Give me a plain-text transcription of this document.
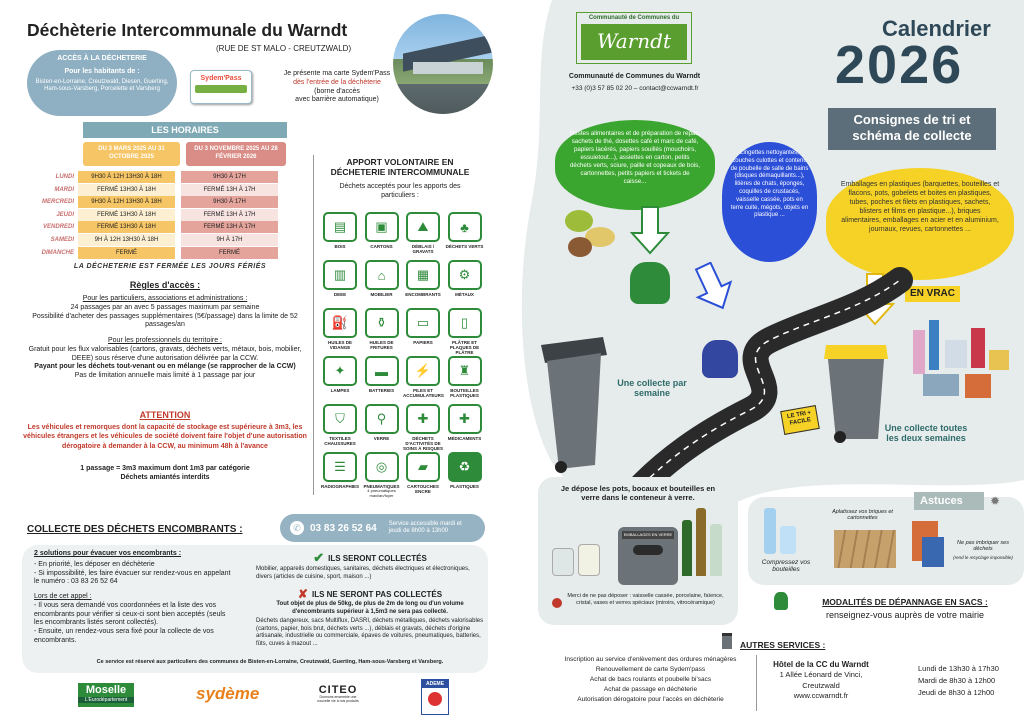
Déchèterie Intercommunale du Warndt
(RUE DE ST MALO - CREUTZWALD)
ACCÈS À LA DÉCHETERIE
Pour les habitants de :
Bisten-en-Lorraine, Creutzwald, Diesen, Guerting, Ham-sous-Varsberg, Porcelette et Varsberg
Sydem'Pass
Je présente ma carte Sydem'Pass
dès l'entrée de la déchèterie
(borne d'accès
avec barrière automatique)
LES HORAIRES
DU 3 MARS 2025 AU 31 OCTOBRE 2025
DU 3 NOVEMBRE 2025 AU 28 FÉVRIER 2026
LUNDI	9H30 À 12H 13H30 À 18H	9H30 À 17H
MARDI	FERMÉ 13H30 À 18H	FERMÉ 13H À 17H
MERCREDI	9H30 À 12H 13H30 À 18H	9H30 À 17H
JEUDI	FERMÉ 13H30 À 18H	FERMÉ 13H À 17H
VENDREDI	FERMÉ 13H30 À 18H	FERMÉ 13H À 17H
SAMEDI	9H À 12H 13H30 À 18H	9H À 17H
DIMANCHE	FERMÉ	FERMÉ
LA DÉCHETERIE EST FERMÉE LES JOURS FÉRIÉS
Règles d'accès :
Pour les particuliers, associations et administrations :
24 passages par an avec 5 passages maximum par semaine
Possibilité d'acheter des passages supplémentaires (5€/passage) dans la limite de 52 passages/an
Pour les professionnels du territoire :
Gratuit pour les flux valorisables (cartons, gravats, déchets verts, métaux, bois, mobilier, DEEE) sous réserve d'une autorisation délivrée par la CCW.
Payant pour les déchets tout-venant ou en mélange (se rapprocher de la CCW)
Pas de limitation annuelle mais limité à 1 passage par jour
ATTENTION
Les véhicules et remorques dont la capacité de stockage est supérieure à 3m3, les véhicules étrangers et les véhicules de société doivent faire l'objet d'une autorisation dérogatoire à demander à la CCW, au minimum 48h à l'avance
1 passage = 3m3 maximum dont 1m3 par catégorie
Déchets amiantés interdits
APPORT VOLONTAIRE EN DÉCHETERIE INTERCOMMUNALE
Déchets acceptés pour les apports des particuliers :
▤
BOIS
▣
CARTONS
⛰
DÉBLAIS / GRAVATS
♣
DÉCHETS VERTS
▥
DEEE
⌂
MOBILIER
▦
ENCOMBRANTS
⚙
MÉTAUX
⛽
HUILES DE VIDANGE
⚱
HUILES DE FRITURES
▭
PAPIERS
▯
PLÂTRE ET PLAQUES DE PLÂTRE
✦
LAMPES
▬
BATTERIES
⚡
PILES ET ACCUMULATEURS
♜
BOUTEILLES PLASTIQUES
⛉
TEXTILES CHAUSSURES
⚲
VERRE
✚
DÉCHETS D'ACTIVITÉS DE SOINS À RISQUES
✚
MÉDICAMENTS
☰
RADIOGRAPHIES
◎
PNEUMATIQUES
4 pneumatiques maxi/an/foyer
▰
CARTOUCHES ENCRE
♻
PLASTIQUES
COLLECTE DES DÉCHETS ENCOMBRANTS :	✆ 03 83 26 52 64 Service accessible mardi et jeudi de 8h00 à 13h00
2 solutions pour évacuer vos encombrants :
- En priorité, les déposer en déchèterie
- Si impossibilité, les faire évacuer sur rendez-vous en appelant le numéro : 03 83 26 52 64
Lors de cet appel :
- Il vous sera demandé vos coordonnées et la liste des vos encombrants pour vérifier si ceux-ci sont bien acceptés (seuls les encombrants listés seront collectés).
- Ensuite, un rendez-vous sera fixé pour la collecte de vos encombrants.
✔ ILS SERONT COLLECTÉS
Mobilier, appareils domestiques, sanitaires, déchets électriques et électroniques, divers (articles de cuisine, sport, maison ...)
✘ ILS NE SERONT PAS COLLECTÉS
Tout objet de plus de 50kg, de plus de 2m de long ou d'un volume d'encombrants supérieur à 1,5m3 ne sera pas collecté.
Déchets dangereux, sacs Multiflux, DASRI, déchets métalliques, déchets valorisables (cartons, papier, bois brut, déchets verts ...), déblais et gravats, déchets d'origine artisanale, industrielle ou commerciale, épaves de voitures, pneumatiques, batteries, fûts, cuves à mazout ...
Ce service est réservé aux particuliers des communes de Bisten-en-Lorraine, Creutzwald, Guerting, Ham-sous-Varsberg et Varsberg.
Moselle
L'Eurodépartement	sydème	CITEO
Donnons ensemble une nouvelle vie à nos produits
ADEME
Communauté de Communes du
Warndt
Communauté de Communes du Warndt
+33 (0)3 57 85 02 20 – contact@ccwarndt.fr
Calendrier
2026
Consignes de tri et schéma de collecte
Restes alimentaires et de préparation de repas, sachets de thé, dosettes café et marc de café, papiers lacérés, papiers souillés (mouchoirs, essuietout...), assiettes en carton, petits déchets verts, sciure, paille et copeaux de bois, cartonnettes, petits papiers et tickets de caisse...
Lingettes nettoyantes, couches culottes et contenu de poubelle de salle de bains (disques démaquillants...), litières de chats, éponges, coquilles de crustacés, vaisselle cassée, pots en terre cuite, mégots, objets en plastique ...
Emballages en plastiques (barquettes, bouteilles et flacons, pots, gobelets et boites en plastiques, tubes, poches et filets en plastiques, sachets, blisters et films en plastique...), briques alimentaires, emballages en acier et en aluminium, journaux, revues, cartonnettes ...
EN VRAC
Une collecte par semaine
Une collecte toutes les deux semaines
LE TRI + FACILE
Je dépose les pots, bocaux et bouteilles en verre dans le conteneur à verre.
EMBALLAGES EN VERRE
Merci de ne pas déposer : vaisselle cassée, porcelaine, faïence, cristal, vases et verres spéciaux (miroirs, vitrocéramique)
Astuces	✹
Aplatissez vos briques et cartonnettes
Compressez vos bouteilles
Ne pas imbriquer ses déchets
(rend le recyclage impossible)
MODALITÉS DE DÉPANNAGE EN SACS :
renseignez-vous auprès de votre mairie
AUTRES SERVICES :
Inscription au service d'enlèvement des ordures ménagères
Renouvellement de carte Sydem'pass
Achat de bacs roulants et poubelle bi'sacs
Achat de passage en déchèterie
Autorisation dérogatoire pour l'accès en déchèterie
Hôtel de la CC du Warndt
1 Allée Léonard de Vinci,
Creutzwald
www.ccwarndt.fr
Lundi de 13h30 à 17h30
Mardi de 8h30 à 12h00
Jeudi de 8h30 à 12h00
